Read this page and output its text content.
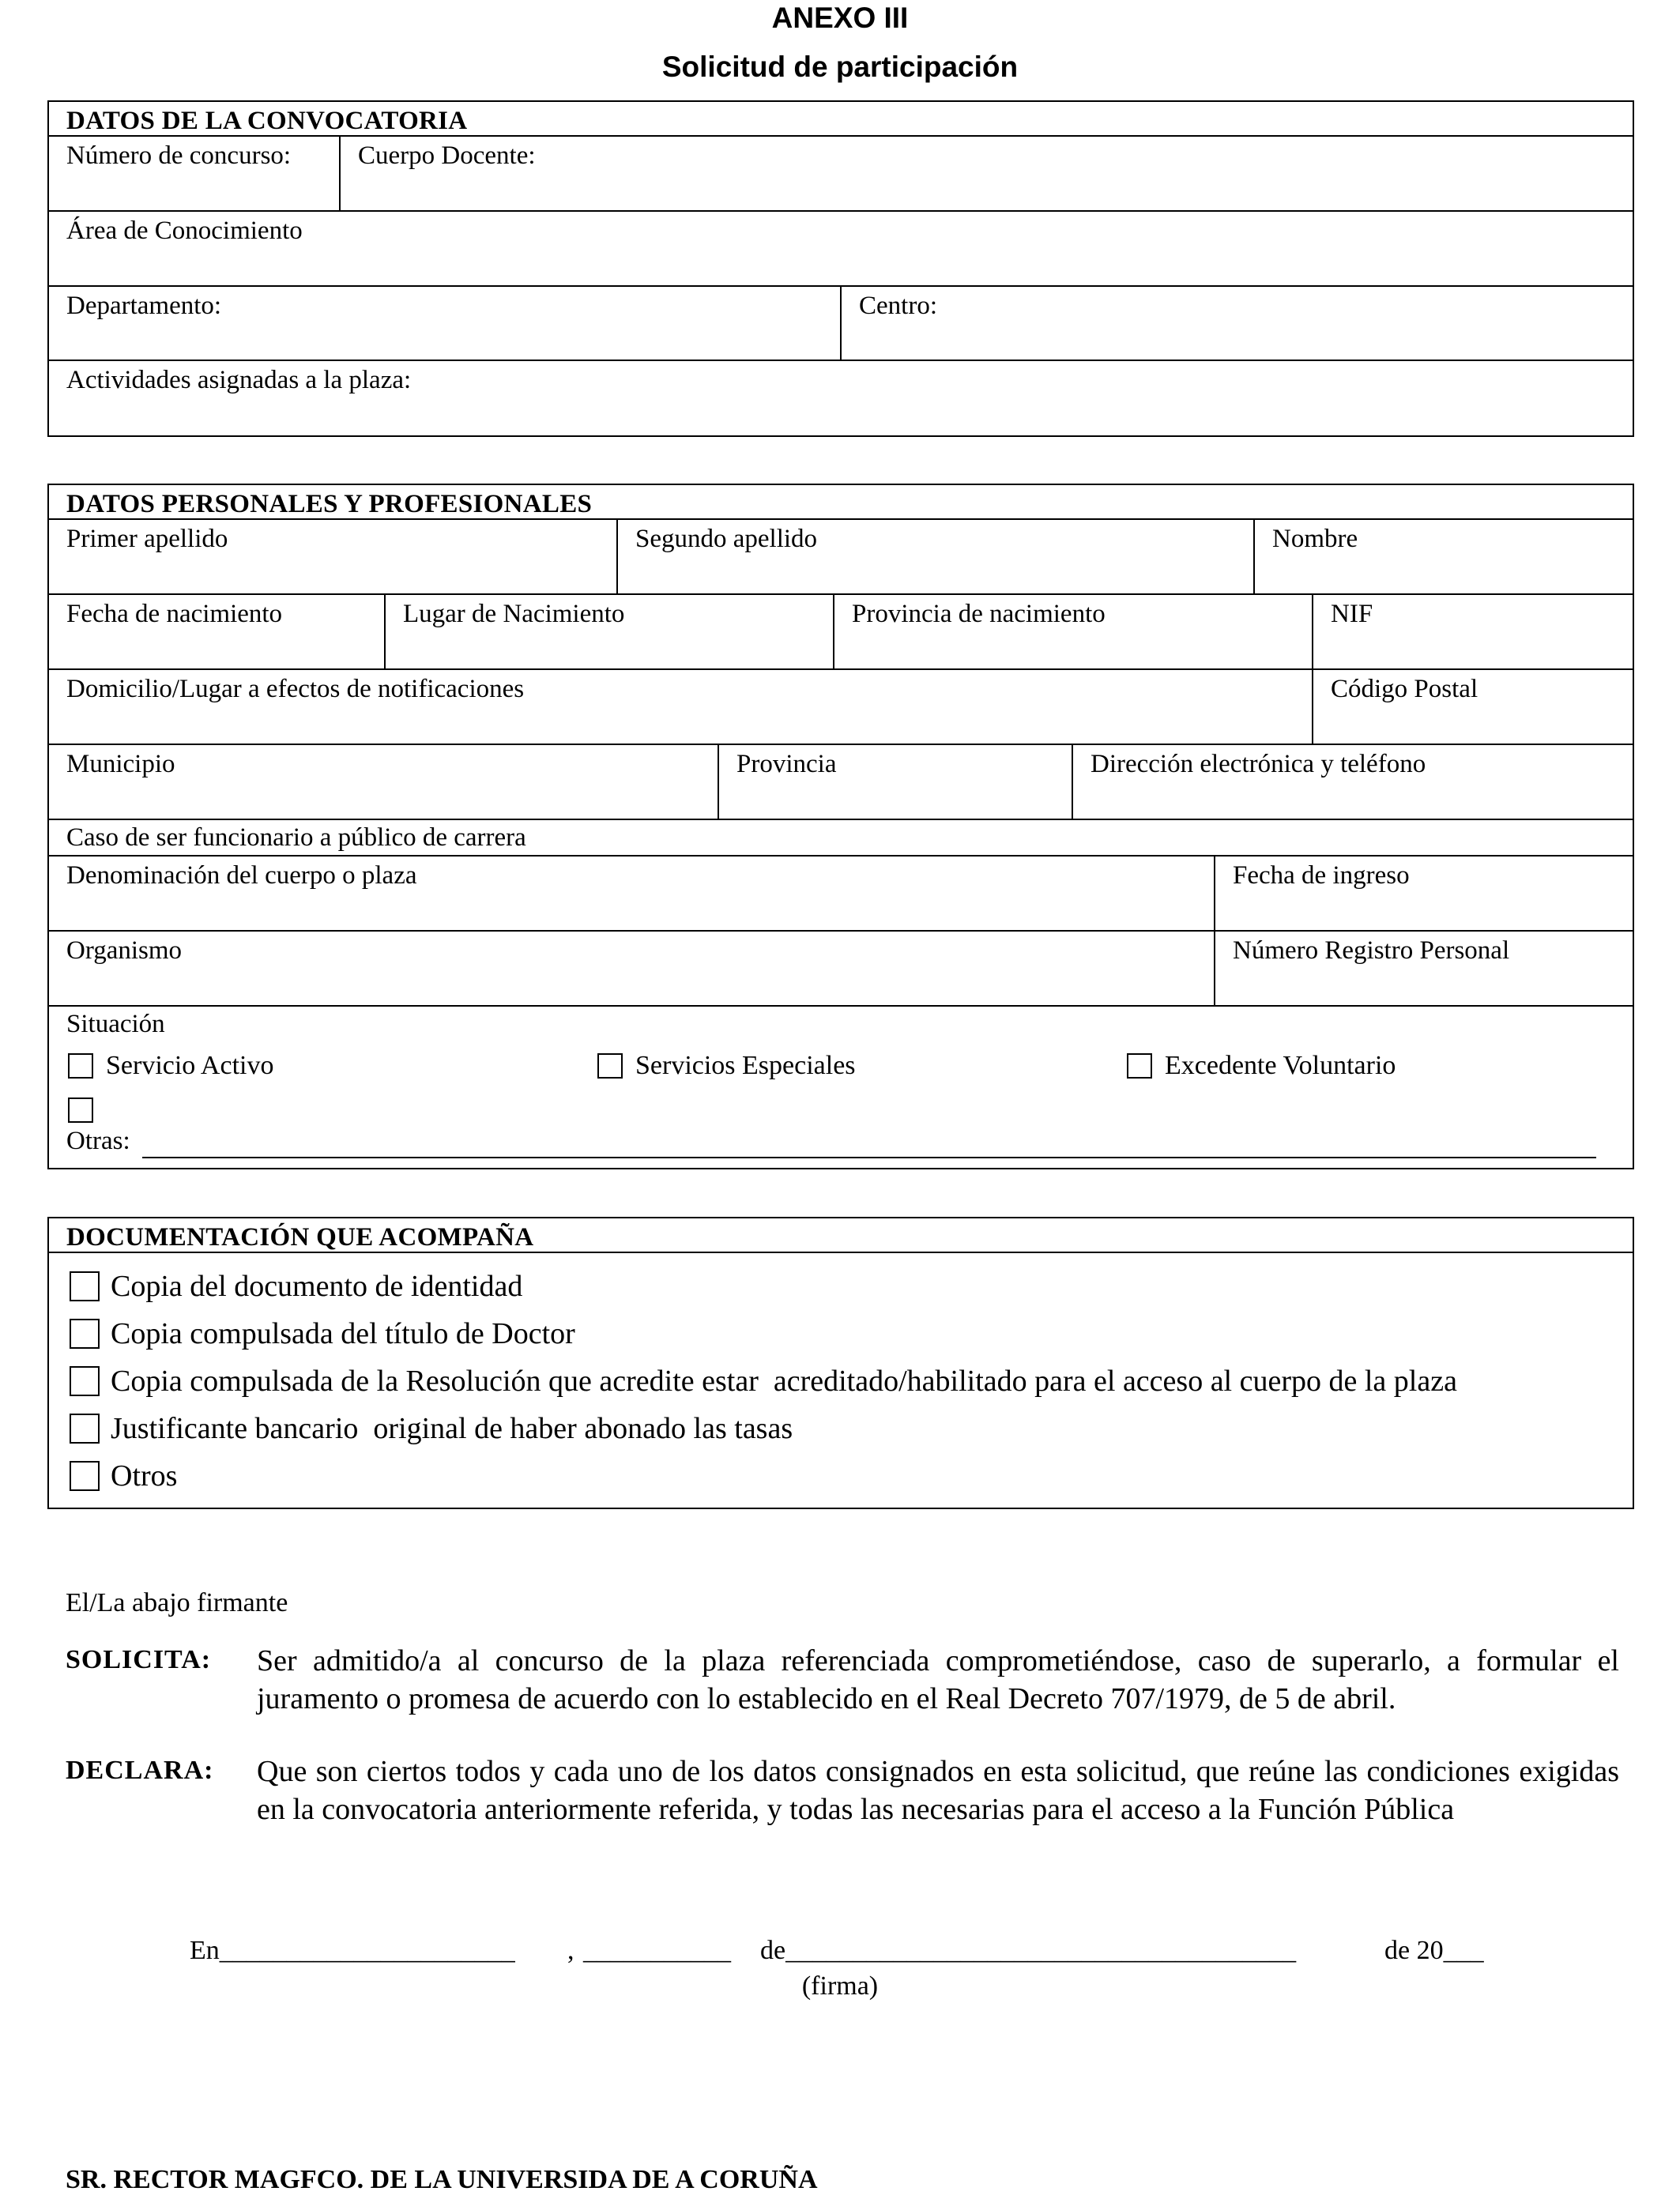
ANEXO III
Solicitud de participación
DATOS DE LA CONVOCATORIA
Número de concurso:	Cuerpo Docente:
Área de Conocimiento
Departamento:	Centro:
Actividades asignadas a la plaza:
DATOS PERSONALES Y PROFESIONALES
Primer apellido	Segundo apellido	Nombre
Fecha de nacimiento	Lugar de Nacimiento	Provincia de nacimiento	NIF
Domicilio/Lugar a efectos de notificaciones	Código Postal
Municipio	Provincia	Dirección electrónica y teléfono
Caso de ser funcionario a público de carrera
Denominación del cuerpo o plaza	Fecha de ingreso
Organismo	Número Registro Personal
Situación
Servicio Activo	Servicios Especiales	Excedente Voluntario
Otras:
DOCUMENTACIÓN QUE ACOMPAÑA
Copia del documento de identidad
Copia compulsada del título de Doctor
Copia compulsada de la Resolución que acredite estar  acreditado/habilitado para el acceso al cuerpo de la plaza
Justificante bancario  original de haber abonado las tasas
Otros
El/La abajo firmante
SOLICITA: Ser admitido/a al concurso de la plaza referenciada comprometiéndose, caso de superarlo, a formular el juramento o promesa de acuerdo con lo establecido en el Real Decreto 707/1979, de 5 de abril.
DECLARA: Que son ciertos todos y cada uno de los datos consignados en esta solicitud, que reúne las condiciones exigidas en la convocatoria anteriormente referida, y todas las necesarias para el acceso a la Función Pública
En______________________ , ___________ de______________________________________	de 20___
(firma)
SR. RECTOR MAGFCO. DE LA UNIVERSIDA DE A CORUÑA
